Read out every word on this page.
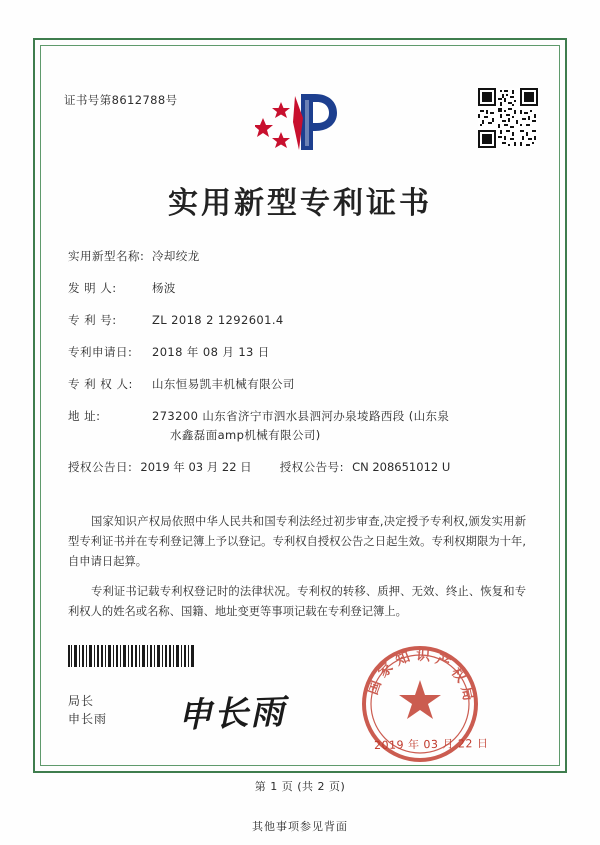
证书号第8612788号
实用新型专利证书
实用新型名称: 冷却绞龙
发 明 人:	杨波
专 利 号:	ZL 2018 2 1292601.4
专利申请日:	2018 年 08 月 13 日
专 利 权 人:	山东恒易凯丰机械有限公司
地 址:	273200 山东省济宁市泗水县泗河办泉堎路西段 (山东泉
水鑫磊面amp机械有限公司)
授权公告日: 2019 年 03 月 22 日 授权公告号: CN 208651012 U

国家知识产权局依照中华人民共和国专利法经过初步审查,决定授予专利权,颁发实用新型专利证书并在专利登记簿上予以登记。专利权自授权公告之日起生效。专利权期限为十年,自申请日起算。

专利证书记载专利权登记时的法律状况。专利权的转移、质押、无效、终止、恢复和专利权人的姓名或名称、国籍、地址变更等事项记载在专利登记簿上。

局长
申长雨 申长雨
国 家 知 识 产 权 局
2019 年 03 月 22 日
第 1 页 (共 2 页)
其他事项参见背面
